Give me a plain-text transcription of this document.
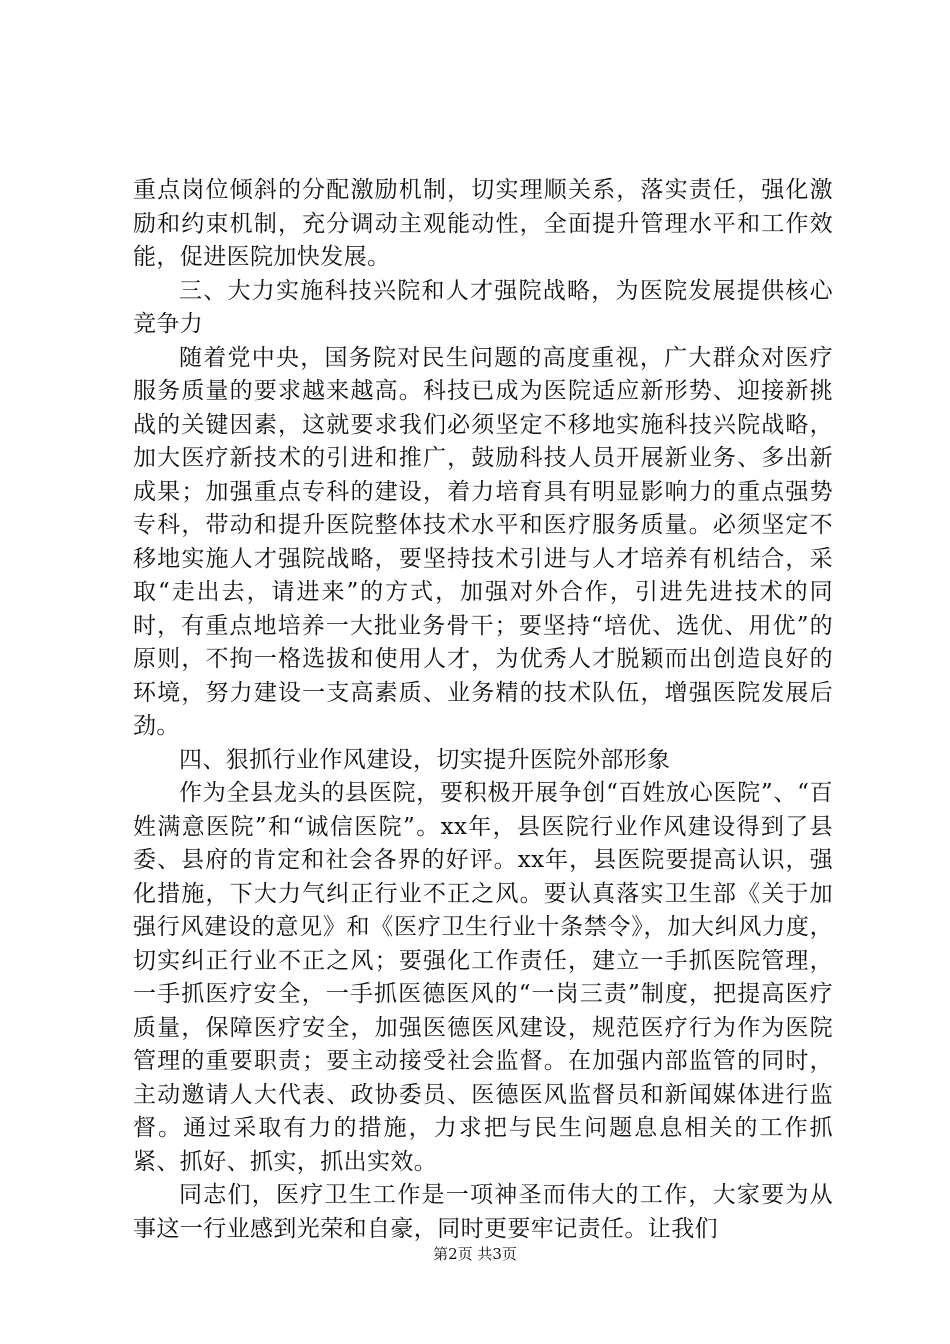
重点岗位倾斜的分配激励机制，切实理顺关系，落实责任，强化激励和约束机制，充分调动主观能动性，全面提升管理水平和工作效能，促进医院加快发展。

三、大力实施科技兴院和人才强院战略，为医院发展提供核心竞争力

随着党中央，国务院对民生问题的高度重视，广大群众对医疗服务质量的要求越来越高。科技已成为医院适应新形势、迎接新挑战的关键因素，这就要求我们必须坚定不移地实施科技兴院战略，加大医疗新技术的引进和推广，鼓励科技人员开展新业务、多出新成果；加强重点专科的建设，着力培育具有明显影响力的重点强势专科，带动和提升医院整体技术水平和医疗服务质量。必须坚定不移地实施人才强院战略，要坚持技术引进与人才培养有机结合，采取“走出去，请进来”的方式，加强对外合作，引进先进技术的同时，有重点地培养一大批业务骨干；要坚持“培优、选优、用优”的原则，不拘一格选拔和使用人才，为优秀人才脱颖而出创造良好的环境，努力建设一支高素质、业务精的技术队伍，增强医院发展后劲。

四、狠抓行业作风建设，切实提升医院外部形象

作为全县龙头的县医院，要积极开展争创“百姓放心医院”、“百姓满意医院”和“诚信医院”。xx年，县医院行业作风建设得到了县委、县府的肯定和社会各界的好评。xx年，县医院要提高认识，强化措施，下大力气纠正行业不正之风。要认真落实卫生部《关于加强行风建设的意见》和《医疗卫生行业十条禁令》，加大纠风力度，切实纠正行业不正之风；要强化工作责任，建立一手抓医院管理，一手抓医疗安全，一手抓医德医风的“一岗三责”制度，把提高医疗质量，保障医疗安全，加强医德医风建设，规范医疗行为作为医院管理的重要职责；要主动接受社会监督。在加强内部监管的同时，主动邀请人大代表、政协委员、医德医风监督员和新闻媒体进行监督。通过采取有力的措施，力求把与民生问题息息相关的工作抓紧、抓好、抓实，抓出实效。

同志们，医疗卫生工作是一项神圣而伟大的工作，大家要为从事这一行业感到光荣和自豪，同时更要牢记责任。让我们

第2页 共3页
